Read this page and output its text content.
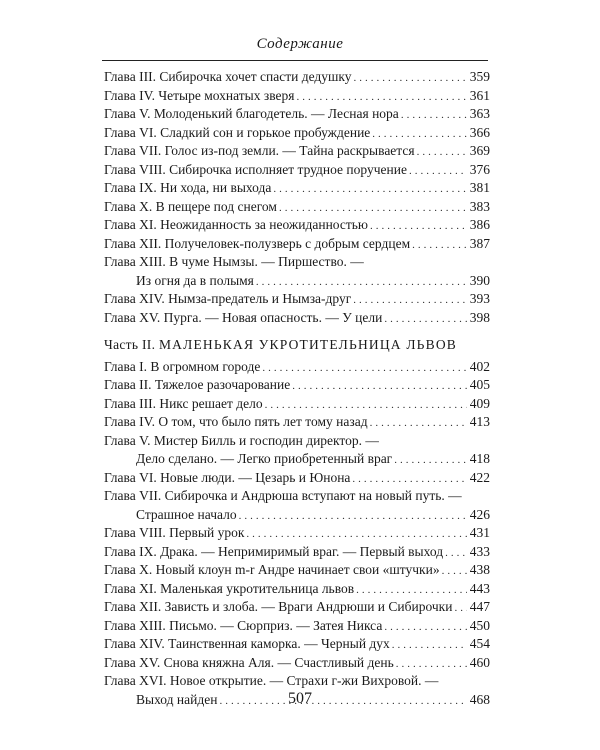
Содержание
Глава III. Сибирочка хочет спасти дедушку .....	359
Глава IV. Четыре мохнатых зверя .....	361
Глава V. Молоденький благодетель. — Лесная нора .....	363
Глава VI. Сладкий сон и горькое пробуждение .....	366
Глава VII. Голос из-под земли. — Тайна раскрывается .....	369
Глава VIII. Сибирочка исполняет трудное поручение .....	376
Глава IX. Ни хода, ни выхода .....	381
Глава X. В пещере под снегом .....	383
Глава XI. Неожиданность за неожиданностью .....	386
Глава XII. Получеловек-полузверь с добрым сердцем .....	387
Глава XIII. В чуме Нымзы. — Пиршество. —
Из огня да в полымя .....	390
Глава XIV. Нымза-предатель и Нымза-друг .....	393
Глава XV. Пурга. — Новая опасность. — У цели .....	398
Часть II. МАЛЕНЬКАЯ УКРОТИТЕЛЬНИЦА ЛЬВОВ
Глава I. В огромном городе .....	402
Глава II. Тяжелое разочарование .....	405
Глава III. Никс решает дело .....	409
Глава IV. О том, что было пять лет тому назад .....	413
Глава V. Мистер Билль и господин директор. —
Дело сделано. — Легко приобретенный враг .....	418
Глава VI. Новые люди. — Цезарь и Юнона .....	422
Глава VII. Сибирочка и Андрюша вступают на новый путь. —
Страшное начало .....	426
Глава VIII. Первый урок .....	431
Глава IX. Драка. — Непримиримый враг. — Первый выход ..... 433
Глава X. Новый клоун m-r Андре начинает свои «штучки» ..... 438
Глава XI. Маленькая укротительница львов .....	443
Глава XII. Зависть и злоба. — Враги Андрюши и Сибирочки ..... 447
Глава XIII. Письмо. — Сюрприз. — Затея Никса .....	450
Глава XIV. Таинственная каморка. — Черный дух .....	454
Глава XV. Снова княжна Аля. — Счастливый день .....	460
Глава XVI. Новое открытие. — Страхи г-жи Вихровой. —
Выход найден .....	468
507
